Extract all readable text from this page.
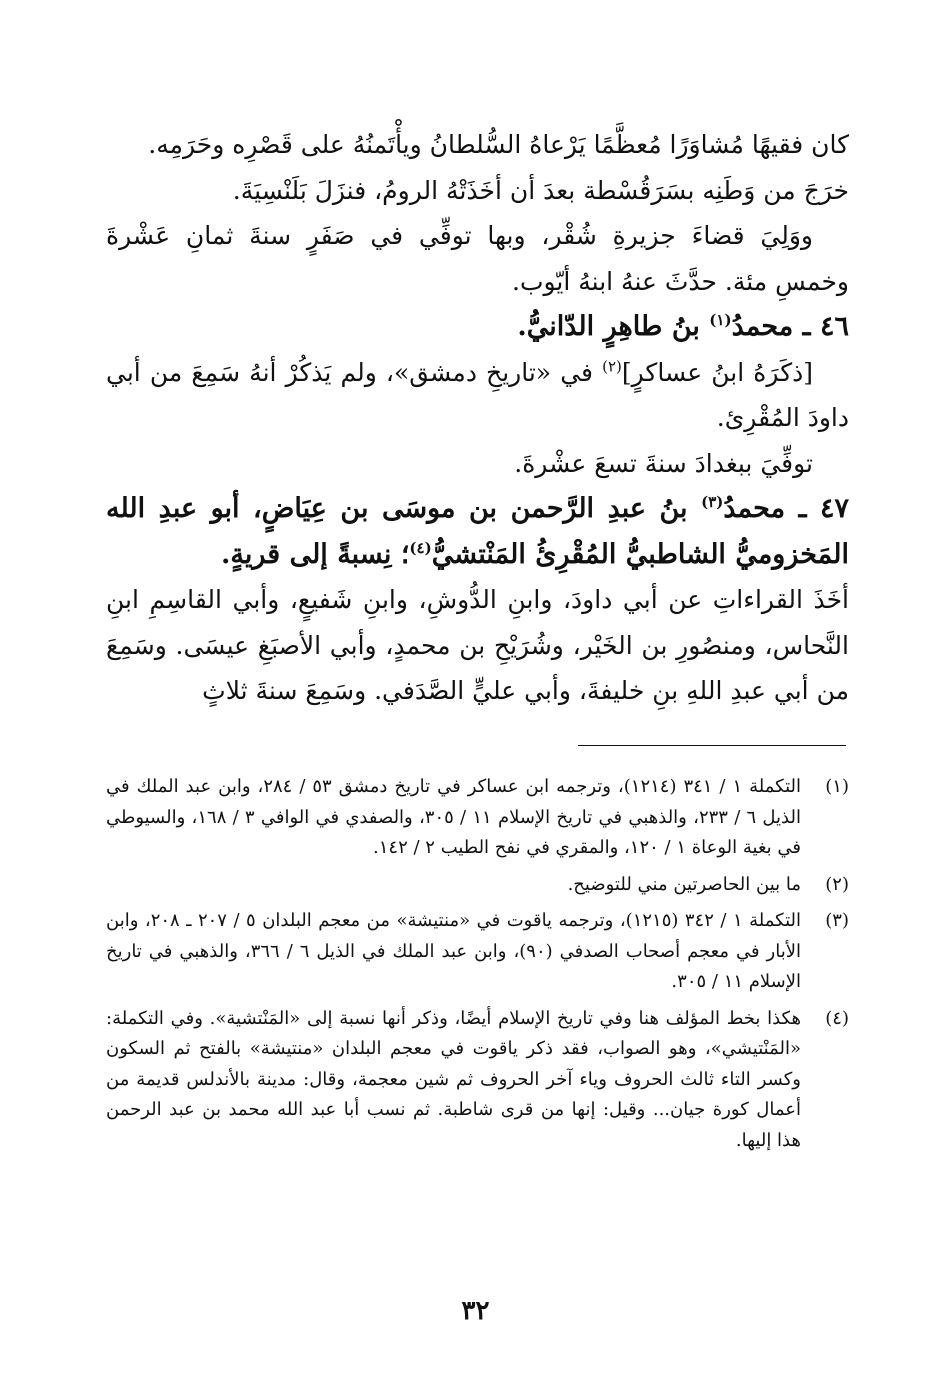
كان فقيهًا مُشاوَرًا مُعظَّمًا يَرْعاهُ السُّلطانُ ويأْتَمنُهُ على قَصْرِه وحَرَمِه.

خرَجَ من وَطَنِه بسَرَقُسْطة بعدَ أن أخَذَتْهُ الرومُ، فنزَلَ بَلَنْسِيَةَ.

ووَلِيَ قضاءَ جزيرةِ شُقْر، وبها توفِّي في صَفَرٍ سنةَ ثمانِ عَشْرةَ وخمسِ مئة. حدَّثَ عنهُ ابنهُ أيّوب.

٤٦ ـ محمدُ$^{(١)}$ بنُ طاهِرٍ الدّانيُّ.

[ذكَرَهُ ابنُ عساكرٍ]$^{(٢)}$ في «تاريخِ دمشق»، ولم يَذكُرْ أنهُ سَمِعَ من أبي داودَ المُقْرِئ.

توفِّيَ ببغدادَ سنةَ تسعَ عشْرةَ.

٤٧ ـ محمدُ$^{(٣)}$ بنُ عبدِ الرَّحمن بن موسَى بن عِيَاضٍ، أبو عبدِ الله المَخزوميُّ الشاطبيُّ المُقْرِئُ المَنْتشيُّ$^{(٤)}$؛ نِسبةً إلى قريةٍ.

أخَذَ القراءاتِ عن أبي داودَ، وابنِ الدُّوشِ، وابنِ شَفيعٍ، وأبي القاسِمِ ابنِ النَّحاس، ومنصُورِ بن الخَيْر، وشُرَيْحِ بن محمدٍ، وأبي الأصبَغِ عيسَى. وسَمِعَ من أبي عبدِ اللهِ بنِ خليفةَ، وأبي عليٍّ الصَّدَفي. وسَمِعَ سنةَ ثلاثٍ

(١)
التكملة ١ / ٣٤١ (١٢١٤)، وترجمه ابن عساكر في تاريخ دمشق ٥٣ / ٢٨٤، وابن عبد الملك في الذيل ٦ / ٢٣٣، والذهبي في تاريخ الإسلام ١١ / ٣٠٥، والصفدي في الوافي ٣ / ١٦٨، والسيوطي في بغية الوعاة ١ / ١٢٠، والمقري في نفح الطيب ٢ / ١٤٢.
(٢)
ما بين الحاصرتين مني للتوضيح.
(٣)
التكملة ١ / ٣٤٢ (١٢١٥)، وترجمه ياقوت في «منتيشة» من معجم البلدان ٥ / ٢٠٧ ـ ٢٠٨، وابن الأبار في معجم أصحاب الصدفي (٩٠)، وابن عبد الملك في الذيل ٦ / ٣٦٦، والذهبي في تاريخ الإسلام ١١ / ٣٠٥.
(٤)
هكذا بخط المؤلف هنا وفي تاريخ الإسلام أيضًا، وذكر أنها نسبة إلى «المَنْتشية». وفي التكملة: «المَنْتيشي»، وهو الصواب، فقد ذكر ياقوت في معجم البلدان «منتيشة» بالفتح ثم السكون وكسر التاء ثالث الحروف وياء آخر الحروف ثم شين معجمة، وقال: مدينة بالأندلس قديمة من أعمال كورة جيان... وقيل: إنها من قرى شاطبة. ثم نسب أبا عبد الله محمد بن عبد الرحمن هذا إليها.
٣٢
